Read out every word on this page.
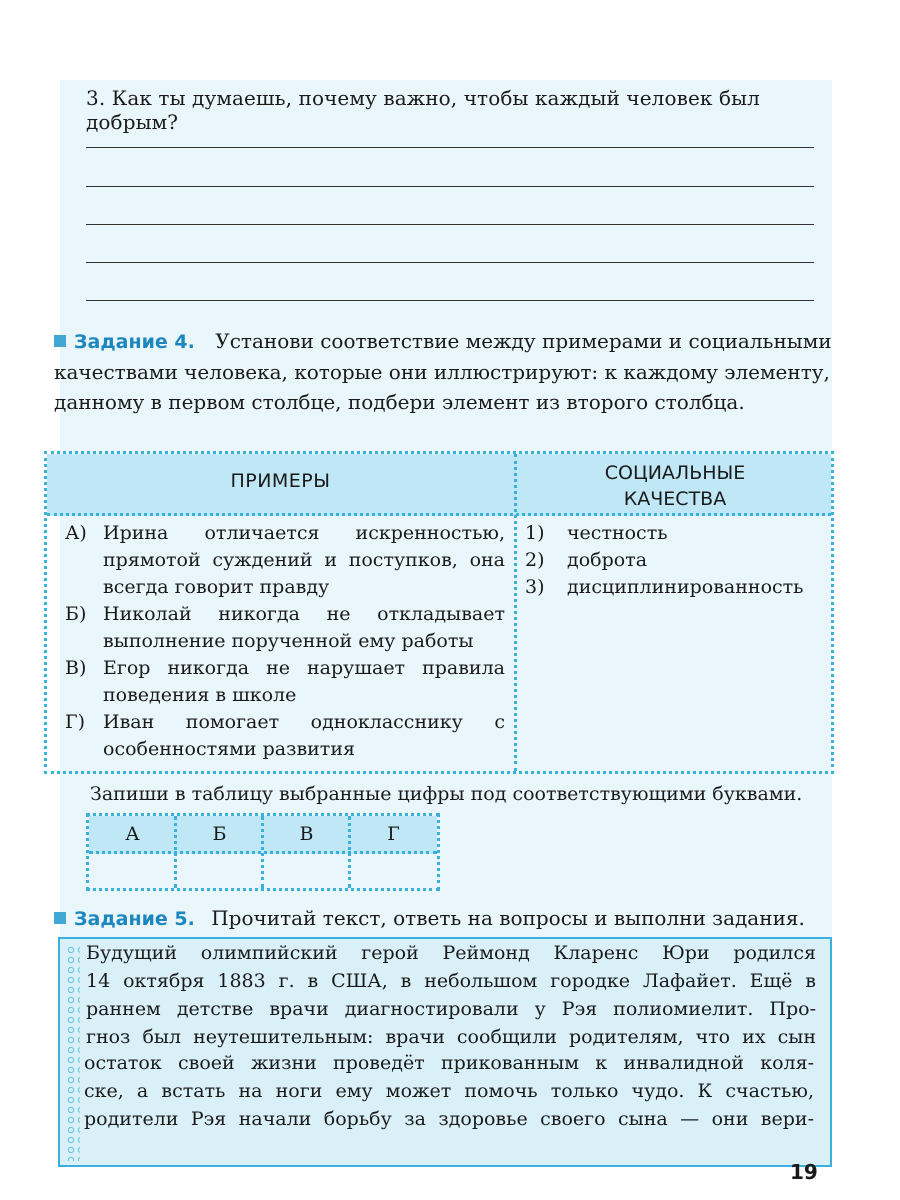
3. Как ты думаешь, почему важно, чтобы каждый человек был добрым?
Задание 4. Установи соответствие между примерами и социальными качествами человека, которые они иллюстрируют: к каждому элементу, данному в первом столбце, подбери элемент из второго столбца.
ПРИМЕРЫ	СОЦИАЛЬНЫЕ КАЧЕСТВА
А) Ирина отличается искренностью, прямотой суждений и поступков, она всегда говорит правду
Б) Николай никогда не откладывает выполнение порученной ему работы
В) Егор никогда не нарушает правила поведения в школе
Г) Иван помогает однокласснику с особенностями развития
1)	честность
2)	доброта
3)	дисциплинированность
Запиши в таблицу выбранные цифры под соответствующими буквами.
А	Б	В	Г
Задание 5. Прочитай текст, ответь на вопросы и выполни задания.
Будущий олимпийский герой Реймонд Кларенс Юри родился
14 октября 1883 г. в США, в небольшом городке Лафайет. Ещё в
раннем детстве врачи диагностировали у Рэя полиомиелит. Про-
гноз был неутешительным: врачи сообщили родителям, что их сын
остаток своей жизни проведёт прикованным к инвалидной коля-
ске, а встать на ноги ему может помочь только чудо. К счастью,
родители Рэя начали борьбу за здоровье своего сына — они вери-
19
